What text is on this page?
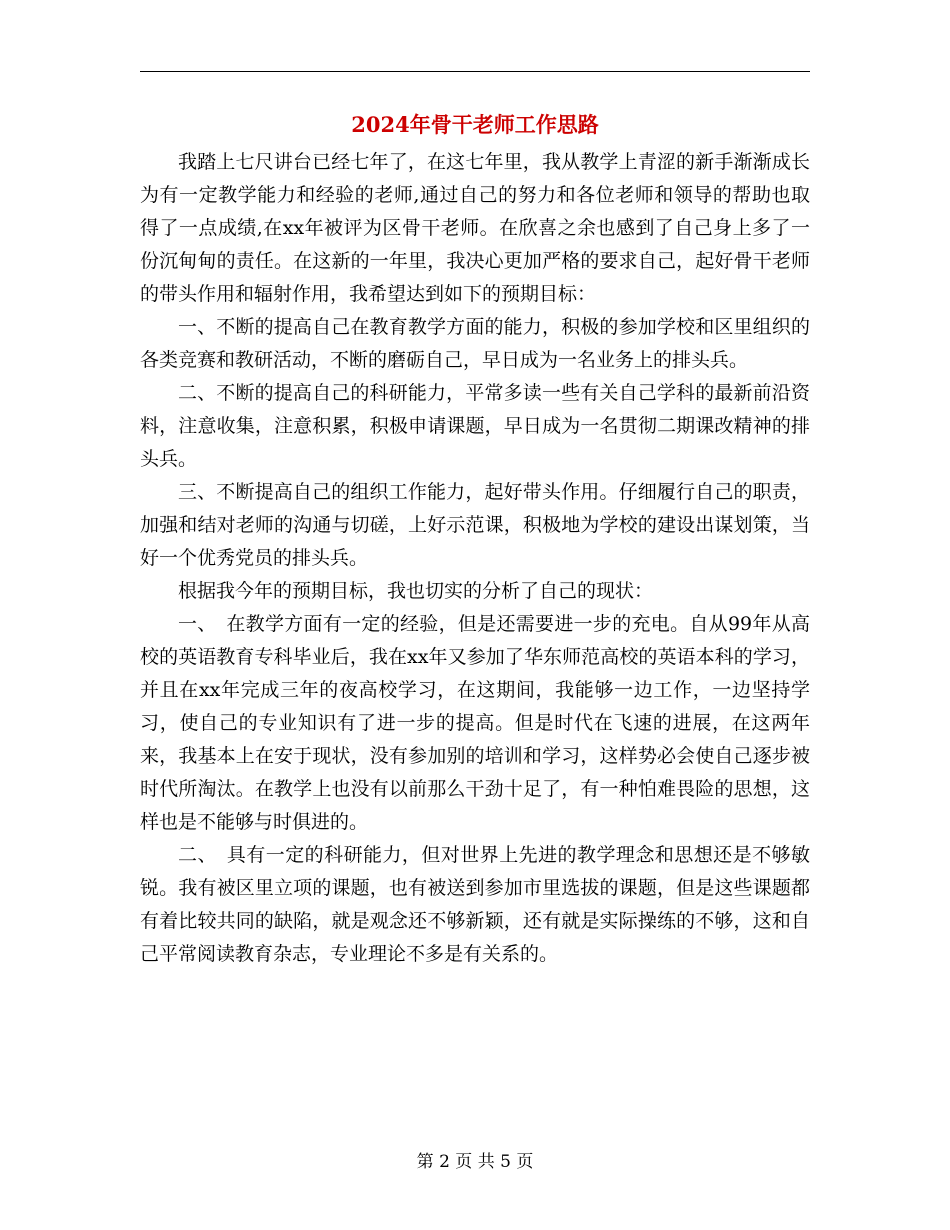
2024年骨干老师工作思路

我踏上七尺讲台已经七年了，在这七年里，我从教学上青涩的新手渐渐成长为有一定教学能力和经验的老师,通过自己的努力和各位老师和领导的帮助也取得了一点成绩,在xx年被评为区骨干老师。在欣喜之余也感到了自己身上多了一份沉甸甸的责任。在这新的一年里，我决心更加严格的要求自己，起好骨干老师的带头作用和辐射作用，我希望达到如下的预期目标：

一、不断的提高自己在教育教学方面的能力，积极的参加学校和区里组织的各类竞赛和教研活动，不断的磨砺自己，早日成为一名业务上的排头兵。

二、不断的提高自己的科研能力，平常多读一些有关自己学科的最新前沿资料，注意收集，注意积累，积极申请课题，早日成为一名贯彻二期课改精神的排头兵。

三、不断提高自己的组织工作能力，起好带头作用。仔细履行自己的职责，加强和结对老师的沟通与切磋，上好示范课，积极地为学校的建设出谋划策，当好一个优秀党员的排头兵。

根据我今年的预期目标，我也切实的分析了自己的现状：

一、　在教学方面有一定的经验，但是还需要进一步的充电。自从99年从高校的英语教育专科毕业后，我在xx年又参加了华东师范高校的英语本科的学习，并且在xx年完成三年的夜高校学习，在这期间，我能够一边工作，一边坚持学习，使自己的专业知识有了进一步的提高。但是时代在飞速的进展，在这两年来，我基本上在安于现状，没有参加别的培训和学习，这样势必会使自己逐步被时代所淘汰。在教学上也没有以前那么干劲十足了，有一种怕难畏险的思想，这样也是不能够与时俱进的。

二、　具有一定的科研能力，但对世界上先进的教学理念和思想还是不够敏锐。我有被区里立项的课题，也有被送到参加市里选拔的课题，但是这些课题都有着比较共同的缺陷，就是观念还不够新颖，还有就是实际操练的不够，这和自己平常阅读教育杂志，专业理论不多是有关系的。

第 2 页 共 5 页
